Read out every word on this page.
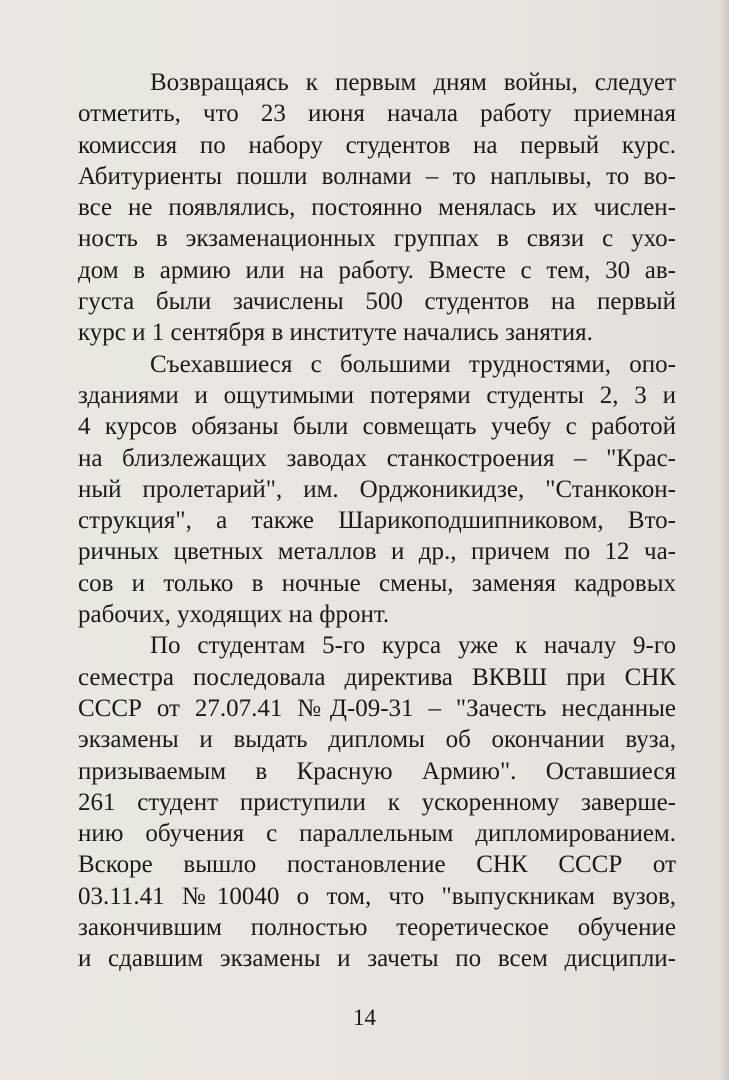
Возвращаясь к первым дням войны, следует
отметить, что 23 июня начала работу приемная
комиссия по набору студентов на первый курс.
Абитуриенты пошли волнами – то наплывы, то во-
все не появлялись, постоянно менялась их числен-
ность в экзаменационных группах в связи с ухо-
дом в армию или на работу. Вместе с тем, 30 ав-
густа были зачислены 500 студентов на первый
курс и 1 сентября в институте начались занятия.
Съехавшиеся с большими трудностями, опо-
зданиями и ощутимыми потерями студенты 2, 3 и
4 курсов обязаны были совмещать учебу с работой
на близлежащих заводах станкостроения – "Крас-
ный пролетарий", им. Орджоникидзе, "Станкокон-
струкция", а также Шарикоподшипниковом, Вто-
ричных цветных металлов и др., причем по 12 ча-
сов и только в ночные смены, заменяя кадровых
рабочих, уходящих на фронт.
По студентам 5-го курса уже к началу 9-го
семестра последовала директива ВКВШ при СНК
СССР от 27.07.41 №Д-09-31 – "Зачесть несданные
экзамены и выдать дипломы об окончании вуза,
призываемым в Красную Армию". Оставшиеся
261 студент приступили к ускоренному заверше-
нию обучения с параллельным дипломированием.
Вскоре вышло постановление СНК СССР от
03.11.41 №10040 о том, что "выпускникам вузов,
закончившим полностью теоретическое обучение
и сдавшим экзамены и зачеты по всем дисципли-
14
